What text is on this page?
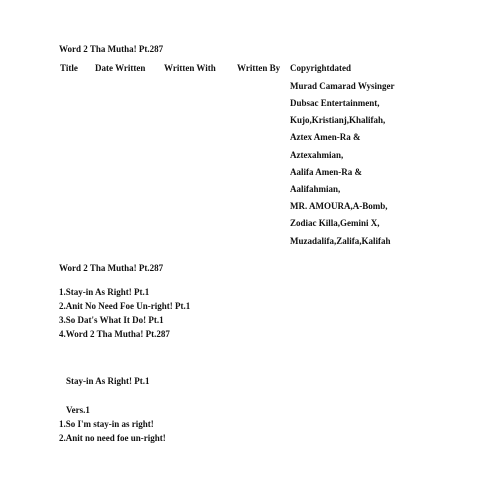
Word 2 Tha Mutha! Pt.287
Title Date Written Written With Written By Copyrightdated
Murad Camarad Wysinger
Dubsac Entertainment,
Kujo,Kristianj,Khalifah,
Aztex Amen-Ra &
Aztexahmian,
Aalifa Amen-Ra &
Aalifahmian,
MR. AMOURA,A-Bomb,
Zodiac Killa,Gemini X,
Muzadalifa,Zalifa,Kalifah
Word 2 Tha Mutha! Pt.287
1.Stay-in As Right! Pt.1
2.Anit No Need Foe Un-right! Pt.1
3.So Dat's What It Do! Pt.1
4.Word 2 Tha Mutha! Pt.287
Stay-in As Right! Pt.1
Vers.1
1.So I'm stay-in as right!
2.Anit no need foe un-right!
